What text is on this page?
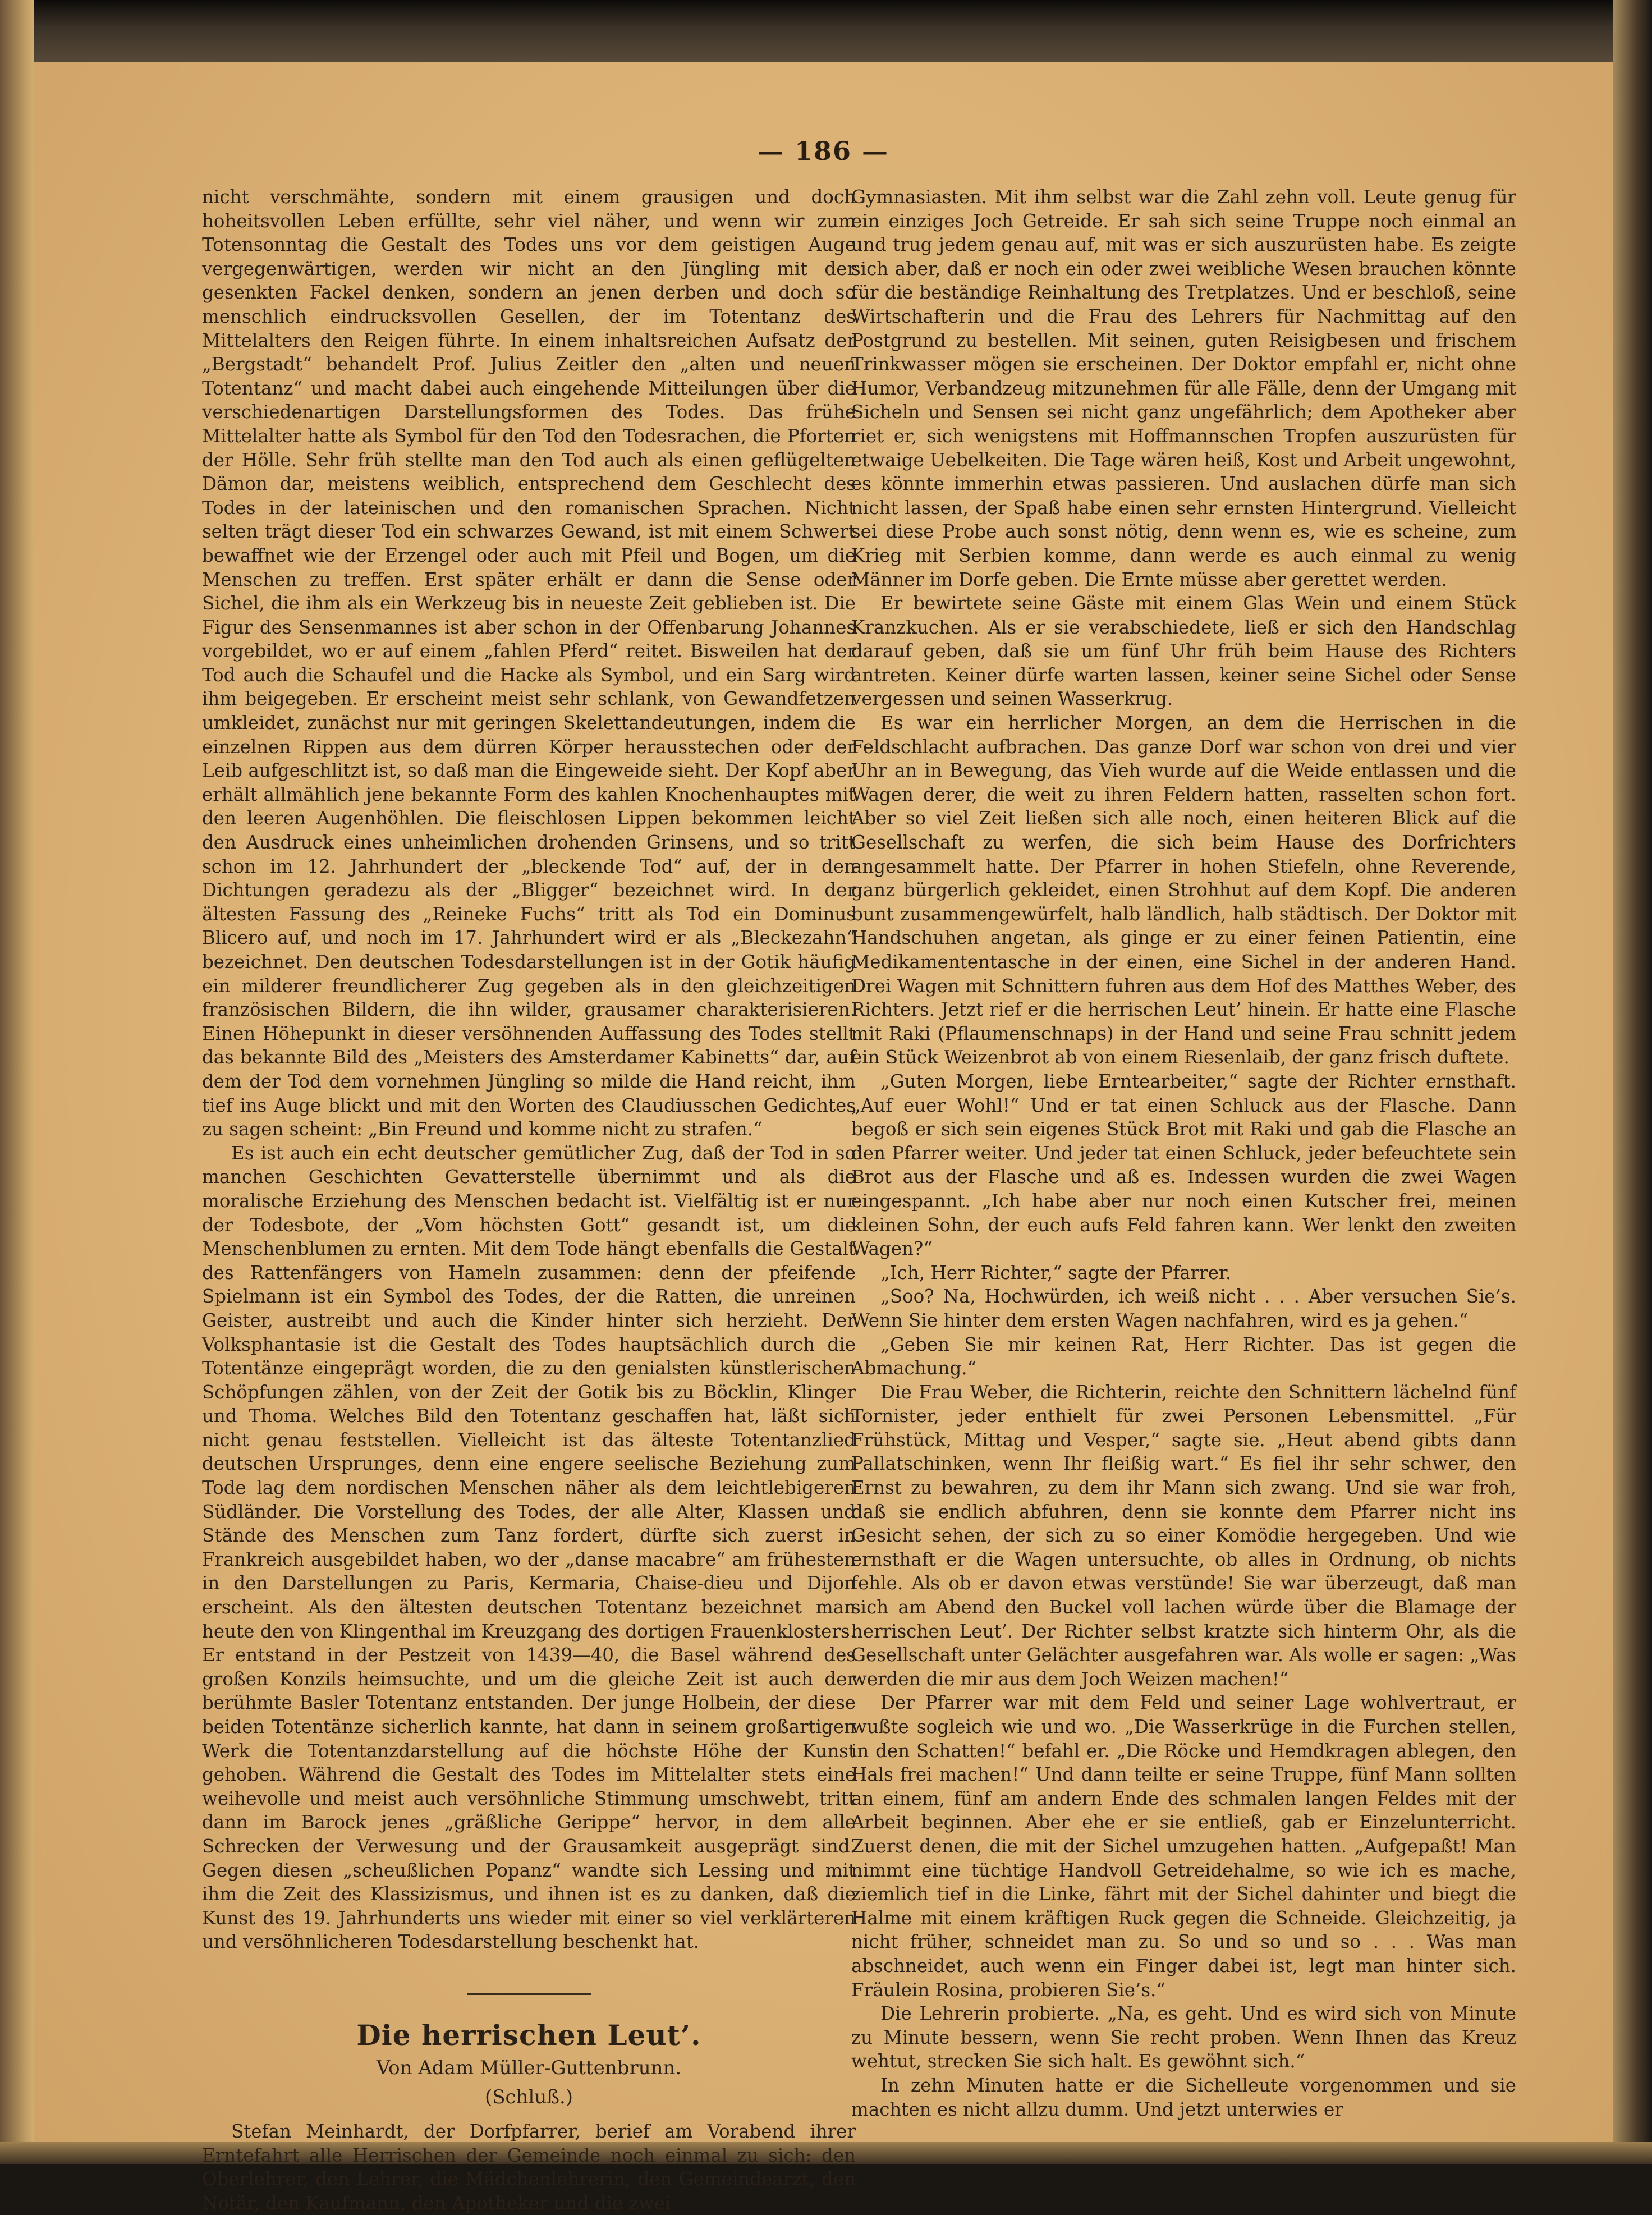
— 186 —

nicht verschmähte, sondern mit einem grausigen und doch hoheitsvollen Leben erfüllte, sehr viel näher, und wenn wir zum Totensonntag die Gestalt des Todes uns vor dem geistigen Auge vergegenwärtigen, werden wir nicht an den Jüngling mit der gesenkten Fackel denken, sondern an jenen derben und doch so menschlich eindrucksvollen Gesellen, der im Totentanz des Mittelalters den Reigen führte. In einem inhaltsreichen Aufsatz der „Bergstadt“ behandelt Prof. Julius Zeitler den „alten und neuen Totentanz“ und macht dabei auch eingehende Mitteilungen über die verschiedenartigen Darstellungsformen des Todes. Das frühe Mittelalter hatte als Symbol für den Tod den Todesrachen, die Pforten der Hölle. Sehr früh stellte man den Tod auch als einen geflügelten Dämon dar, meistens weiblich, entsprechend dem Geschlecht des Todes in der lateinischen und den romanischen Sprachen. Nicht selten trägt dieser Tod ein schwarzes Gewand, ist mit einem Schwert bewaffnet wie der Erzengel oder auch mit Pfeil und Bogen, um die Menschen zu treffen. Erst später erhält er dann die Sense oder Sichel, die ihm als ein Werkzeug bis in neueste Zeit geblieben ist. Die Figur des Sensenmannes ist aber schon in der Offenbarung Johannes vorgebildet, wo er auf einem „fahlen Pferd“ reitet. Bisweilen hat der Tod auch die Schaufel und die Hacke als Symbol, und ein Sarg wird ihm beigegeben. Er erscheint meist sehr schlank, von Gewandfetzen umkleidet, zunächst nur mit geringen Skelettandeutungen, indem die einzelnen Rippen aus dem dürren Körper herausstechen oder der Leib aufgeschlitzt ist, so daß man die Eingeweide sieht. Der Kopf aber erhält allmählich jene bekannte Form des kahlen Knochenhauptes mit den leeren Augenhöhlen. Die fleischlosen Lippen bekommen leicht den Ausdruck eines unheimlichen drohenden Grinsens, und so tritt schon im 12. Jahrhundert der „bleckende Tod“ auf, der in den Dichtungen geradezu als der „Bligger“ bezeichnet wird. In der ältesten Fassung des „Reineke Fuchs“ tritt als Tod ein Dominus Blicero auf, und noch im 17. Jahrhundert wird er als „Bleckezahn“ bezeichnet. Den deutschen Todesdarstellungen ist in der Gotik häufig ein milderer freundlicherer Zug gegeben als in den gleichzeitigen französischen Bildern, die ihn wilder, grausamer charakterisieren. Einen Höhepunkt in dieser versöhnenden Auffassung des Todes stellt das bekannte Bild des „Meisters des Amsterdamer Kabinetts“ dar, auf dem der Tod dem vornehmen Jüngling so milde die Hand reicht, ihm tief ins Auge blickt und mit den Worten des Claudiusschen Gedichtes zu sagen scheint: „Bin Freund und komme nicht zu strafen.“

Es ist auch ein echt deutscher gemütlicher Zug, daß der Tod in so manchen Geschichten Gevatterstelle übernimmt und als die moralische Erziehung des Menschen bedacht ist. Vielfältig ist er nur der Todesbote, der „Vom höchsten Gott“ gesandt ist, um die Menschenblumen zu ernten. Mit dem Tode hängt ebenfalls die Gestalt des Rattenfängers von Hameln zusammen: denn der pfeifende Spielmann ist ein Symbol des Todes, der die Ratten, die unreinen Geister, austreibt und auch die Kinder hinter sich herzieht. Der Volksphantasie ist die Gestalt des Todes hauptsächlich durch die Totentänze eingeprägt worden, die zu den genialsten künstlerischen Schöpfungen zählen, von der Zeit der Gotik bis zu Böcklin, Klinger und Thoma. Welches Bild den Totentanz geschaffen hat, läßt sich nicht genau feststellen. Vielleicht ist das älteste Totentanzlied deutschen Ursprunges, denn eine engere seelische Beziehung zum Tode lag dem nordischen Menschen näher als dem leichtlebigeren Südländer. Die Vorstellung des Todes, der alle Alter, Klassen und Stände des Menschen zum Tanz fordert, dürfte sich zuerst in Frankreich ausgebildet haben, wo der „danse macabre“ am frühesten in den Darstellungen zu Paris, Kermaria, Chaise-dieu und Dijon erscheint. Als den ältesten deutschen Totentanz bezeichnet man heute den von Klingenthal im Kreuzgang des dortigen Frauenklosters. Er entstand in der Pestzeit von 1439—40, die Basel während des großen Konzils heimsuchte, und um die gleiche Zeit ist auch der berühmte Basler Totentanz entstanden. Der junge Holbein, der diese beiden Totentänze sicherlich kannte, hat dann in seinem großartigen Werk die Totentanzdarstellung auf die höchste Höhe der Kunst gehoben. Während die Gestalt des Todes im Mittelalter stets eine weihevolle und meist auch versöhnliche Stimmung umschwebt, tritt dann im Barock jenes „gräßliche Gerippe“ hervor, in dem alle Schrecken der Verwesung und der Grausamkeit ausgeprägt sind. Gegen diesen „scheußlichen Popanz“ wandte sich Lessing und mit ihm die Zeit des Klassizismus, und ihnen ist es zu danken, daß die Kunst des 19. Jahrhunderts uns wieder mit einer so viel verklärteren und versöhnlicheren Todesdarstellung beschenkt hat.

Die herrischen Leut’.
Von Adam Müller-Guttenbrunn.
(Schluß.)

Stefan Meinhardt, der Dorfpfarrer, berief am Vorabend ihrer Erntefahrt alle Herrischen der Gemeinde noch einmal zu sich: den Oberlehrer, den Lehrer, die Mädchenlehrerin, den Gemeindearzt, den Notär, den Kaufmann, den Apotheker und die zwei

Gymnasiasten. Mit ihm selbst war die Zahl zehn voll. Leute genug für ein einziges Joch Getreide. Er sah sich seine Truppe noch einmal an und trug jedem genau auf, mit was er sich auszurüsten habe. Es zeigte sich aber, daß er noch ein oder zwei weibliche Wesen brauchen könnte für die beständige Reinhaltung des Tretplatzes. Und er beschloß, seine Wirtschafterin und die Frau des Lehrers für Nachmittag auf den Postgrund zu bestellen. Mit seinen, guten Reisigbesen und frischem Trinkwasser mögen sie erscheinen. Der Doktor empfahl er, nicht ohne Humor, Verbandzeug mitzunehmen für alle Fälle, denn der Umgang mit Sicheln und Sensen sei nicht ganz ungefährlich; dem Apotheker aber riet er, sich wenigstens mit Hoffmannschen Tropfen auszurüsten für etwaige Uebelkeiten. Die Tage wären heiß, Kost und Arbeit ungewohnt, es könnte immerhin etwas passieren. Und auslachen dürfe man sich nicht lassen, der Spaß habe einen sehr ernsten Hintergrund. Vielleicht sei diese Probe auch sonst nötig, denn wenn es, wie es scheine, zum Krieg mit Serbien komme, dann werde es auch einmal zu wenig Männer im Dorfe geben. Die Ernte müsse aber gerettet werden.

Er bewirtete seine Gäste mit einem Glas Wein und einem Stück Kranzkuchen. Als er sie verabschiedete, ließ er sich den Handschlag darauf geben, daß sie um fünf Uhr früh beim Hause des Richters antreten. Keiner dürfe warten lassen, keiner seine Sichel oder Sense vergessen und seinen Wasserkrug.

Es war ein herrlicher Morgen, an dem die Herrischen in die Feldschlacht aufbrachen. Das ganze Dorf war schon von drei und vier Uhr an in Bewegung, das Vieh wurde auf die Weide entlassen und die Wagen derer, die weit zu ihren Feldern hatten, rasselten schon fort. Aber so viel Zeit ließen sich alle noch, einen heiteren Blick auf die Gesellschaft zu werfen, die sich beim Hause des Dorfrichters angesammelt hatte. Der Pfarrer in hohen Stiefeln, ohne Reverende, ganz bürgerlich gekleidet, einen Strohhut auf dem Kopf. Die anderen bunt zusammengewürfelt, halb ländlich, halb städtisch. Der Doktor mit Handschuhen angetan, als ginge er zu einer feinen Patientin, eine Medikamententasche in der einen, eine Sichel in der anderen Hand. Drei Wagen mit Schnittern fuhren aus dem Hof des Matthes Weber, des Richters. Jetzt rief er die herrischen Leut’ hinein. Er hatte eine Flasche mit Raki (Pflaumenschnaps) in der Hand und seine Frau schnitt jedem ein Stück Weizenbrot ab von einem Riesenlaib, der ganz frisch duftete.

„Guten Morgen, liebe Erntearbeiter,“ sagte der Richter ernsthaft. „Auf euer Wohl!“ Und er tat einen Schluck aus der Flasche. Dann begoß er sich sein eigenes Stück Brot mit Raki und gab die Flasche an den Pfarrer weiter. Und jeder tat einen Schluck, jeder befeuchtete sein Brot aus der Flasche und aß es. Indessen wurden die zwei Wagen eingespannt. „Ich habe aber nur noch einen Kutscher frei, meinen kleinen Sohn, der euch aufs Feld fahren kann. Wer lenkt den zweiten Wagen?“

„Ich, Herr Richter,“ sagte der Pfarrer.

„Soo? Na, Hochwürden, ich weiß nicht . . . Aber versuchen Sie’s. Wenn Sie hinter dem ersten Wagen nachfahren, wird es ja gehen.“

„Geben Sie mir keinen Rat, Herr Richter. Das ist gegen die Abmachung.“

Die Frau Weber, die Richterin, reichte den Schnittern lächelnd fünf Tornister, jeder enthielt für zwei Personen Lebensmittel. „Für Frühstück, Mittag und Vesper,“ sagte sie. „Heut abend gibts dann Pallatschinken, wenn Ihr fleißig wart.“ Es fiel ihr sehr schwer, den Ernst zu bewahren, zu dem ihr Mann sich zwang. Und sie war froh, daß sie endlich abfuhren, denn sie konnte dem Pfarrer nicht ins Gesicht sehen, der sich zu so einer Komödie hergegeben. Und wie ernsthaft er die Wagen untersuchte, ob alles in Ordnung, ob nichts fehle. Als ob er davon etwas verstünde! Sie war überzeugt, daß man sich am Abend den Buckel voll lachen würde über die Blamage der herrischen Leut’. Der Richter selbst kratzte sich hinterm Ohr, als die Gesellschaft unter Gelächter ausgefahren war. Als wolle er sagen: „Was werden die mir aus dem Joch Weizen machen!“

Der Pfarrer war mit dem Feld und seiner Lage wohlvertraut, er wußte sogleich wie und wo. „Die Wasserkrüge in die Furchen stellen, in den Schatten!“ befahl er. „Die Röcke und Hemdkragen ablegen, den Hals frei machen!“ Und dann teilte er seine Truppe, fünf Mann sollten an einem, fünf am andern Ende des schmalen langen Feldes mit der Arbeit beginnen. Aber ehe er sie entließ, gab er Einzelunterricht. Zuerst denen, die mit der Sichel umzugehen hatten. „Aufgepaßt! Man nimmt eine tüchtige Handvoll Getreidehalme, so wie ich es mache, ziemlich tief in die Linke, fährt mit der Sichel dahinter und biegt die Halme mit einem kräftigen Ruck gegen die Schneide. Gleichzeitig, ja nicht früher, schneidet man zu. So und so und so . . . Was man abschneidet, auch wenn ein Finger dabei ist, legt man hinter sich. Fräulein Rosina, probieren Sie’s.“

Die Lehrerin probierte. „Na, es geht. Und es wird sich von Minute zu Minute bessern, wenn Sie recht proben. Wenn Ihnen das Kreuz wehtut, strecken Sie sich halt. Es gewöhnt sich.“

In zehn Minuten hatte er die Sichelleute vorgenommen und sie machten es nicht allzu dumm. Und jetzt unterwies er
